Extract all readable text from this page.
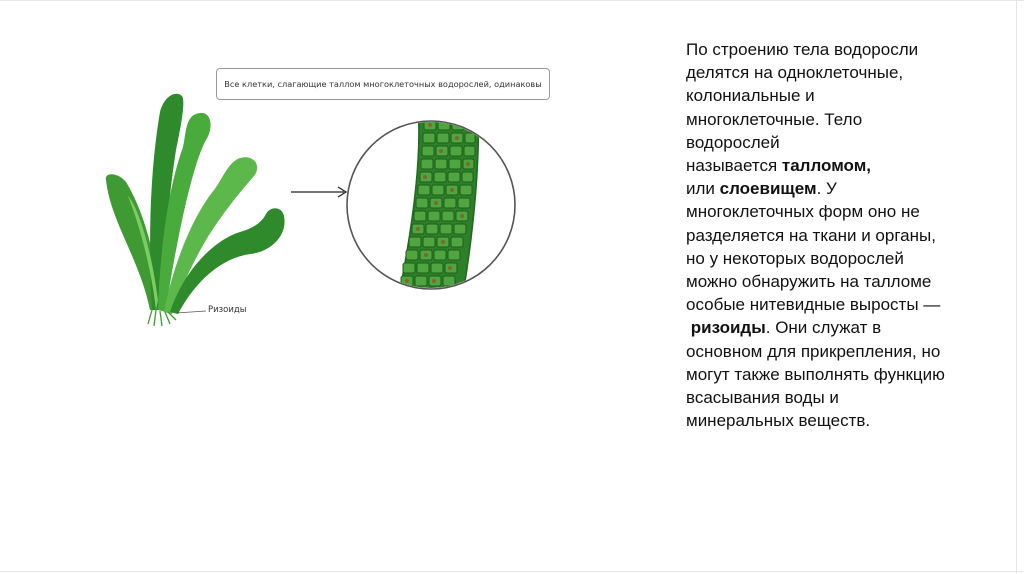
Все клетки, слагающие таллом многоклеточных водорослей, одинаковы
Ризоиды
По строению тела водоросли
делятся на одноклеточные,
колониальные и
многоклеточные. Тело
водорослей
называется талломом,
или слоевищем. У
многоклеточных форм оно не
разделяется на ткани и органы,
но у некоторых водорослей
можно обнаружить на талломе
особые нитевидные выросты —
ризоиды. Они служат в
основном для прикрепления, но
могут также выполнять функцию
всасывания воды и
минеральных веществ.
